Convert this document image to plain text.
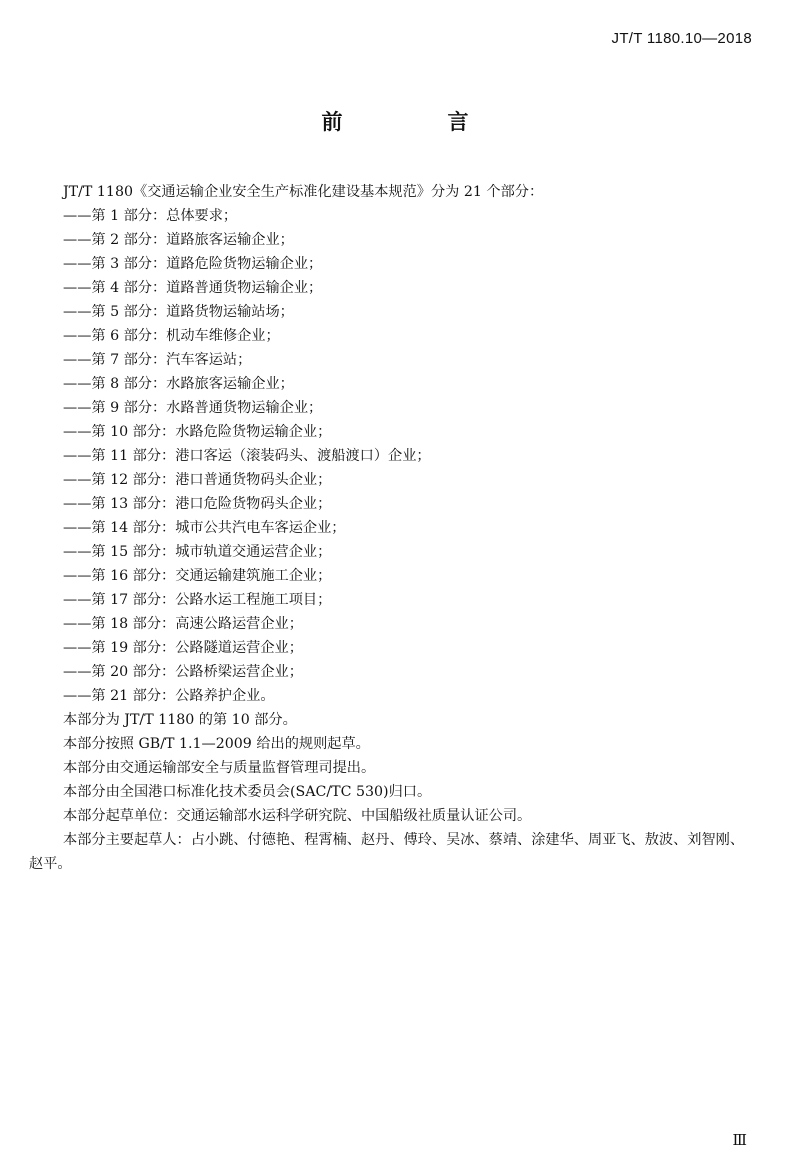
JT/T 1180.10—2018
前　言
JT/T 1180《交通运输企业安全生产标准化建设基本规范》分为 21 个部分：
——第 1 部分：总体要求；
——第 2 部分：道路旅客运输企业；
——第 3 部分：道路危险货物运输企业；
——第 4 部分：道路普通货物运输企业；
——第 5 部分：道路货物运输站场；
——第 6 部分：机动车维修企业；
——第 7 部分：汽车客运站；
——第 8 部分：水路旅客运输企业；
——第 9 部分：水路普通货物运输企业；
——第 10 部分：水路危险货物运输企业；
——第 11 部分：港口客运（滚装码头、渡船渡口）企业；
——第 12 部分：港口普通货物码头企业；
——第 13 部分：港口危险货物码头企业；
——第 14 部分：城市公共汽电车客运企业；
——第 15 部分：城市轨道交通运营企业；
——第 16 部分：交通运输建筑施工企业；
——第 17 部分：公路水运工程施工项目；
——第 18 部分：高速公路运营企业；
——第 19 部分：公路隧道运营企业；
——第 20 部分：公路桥梁运营企业；
——第 21 部分：公路养护企业。
本部分为 JT/T 1180 的第 10 部分。
本部分按照 GB/T 1.1—2009 给出的规则起草。
本部分由交通运输部安全与质量监督管理司提出。
本部分由全国港口标准化技术委员会(SAC/TC 530)归口。
本部分起草单位：交通运输部水运科学研究院、中国船级社质量认证公司。
本部分主要起草人：占小跳、付德艳、程霄楠、赵丹、傅玲、吴冰、蔡靖、涂建华、周亚飞、敖波、刘智刚、
赵平。
Ⅲ
